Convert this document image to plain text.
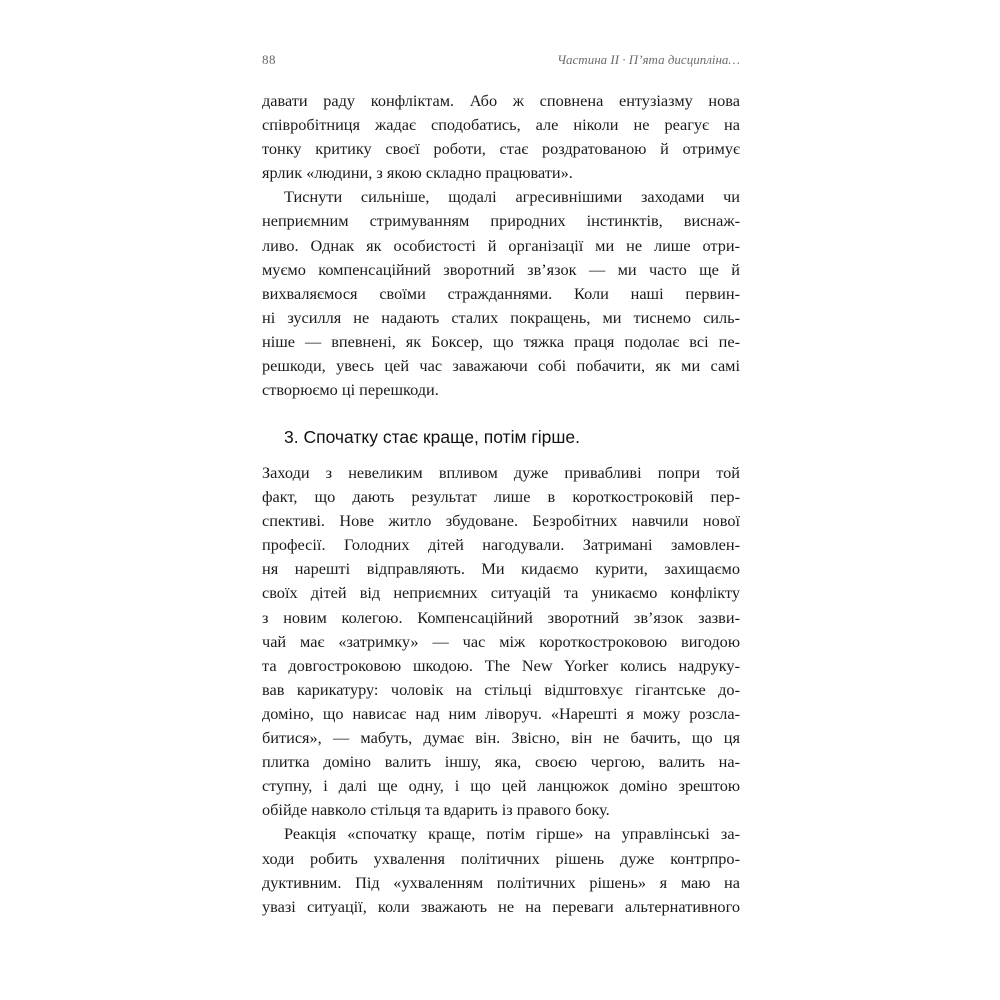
88	Частина ІІ · П’ята дисципліна…
давати раду конфліктам. Або ж сповнена ентузіазму нова
співробітниця жадає сподобатись, але ніколи не реагує на
тонку критику своєї роботи, стає роздратованою й отримує
ярлик «людини, з якою складно працювати».
Тиснути сильніше, щодалі агресивнішими заходами чи
неприємним стримуванням природних інстинктів, виснаж-
ливо. Однак як особистості й організації ми не лише отри-
муємо компенсаційний зворотний зв’язок — ми часто ще й
вихваляємося своїми стражданнями. Коли наші первин-
ні зусилля не надають сталих покращень, ми тиснемо силь-
ніше — впевнені, як Боксер, що тяжка праця подолає всі пе-
решкоди, увесь цей час заважаючи собі побачити, як ми самі
створюємо ці перешкоди.
3. Спочатку стає краще, потім гірше.
Заходи з невеликим впливом дуже привабливі попри той
факт, що дають результат лише в короткостроковій пер-
спективі. Нове житло збудоване. Безробітних навчили нової
професії. Голодних дітей нагодували. Затримані замовлен-
ня нарешті відправляють. Ми кидаємо курити, захищаємо
своїх дітей від неприємних ситуацій та уникаємо конфлікту
з новим колегою. Компенсаційний зворотний зв’язок зазви-
чай має «затримку» — час між короткостроковою вигодою
та довгостроковою шкодою. The New Yorker колись надруку-
вав карикатуру: чоловік на стільці відштовхує гігантське до-
доміно, що нависає над ним ліворуч. «Нарешті я можу розсла-
битися», — мабуть, думає він. Звісно, він не бачить, що ця
плитка доміно валить іншу, яка, своєю чергою, валить на-
ступну, і далі ще одну, і що цей ланцюжок доміно зрештою
обійде навколо стільця та вдарить із правого боку.
Реакція «спочатку краще, потім гірше» на управлінські за-
ходи робить ухвалення політичних рішень дуже контрпро-
дуктивним. Під «ухваленням політичних рішень» я маю на
увазі ситуації, коли зважають не на переваги альтернативного
